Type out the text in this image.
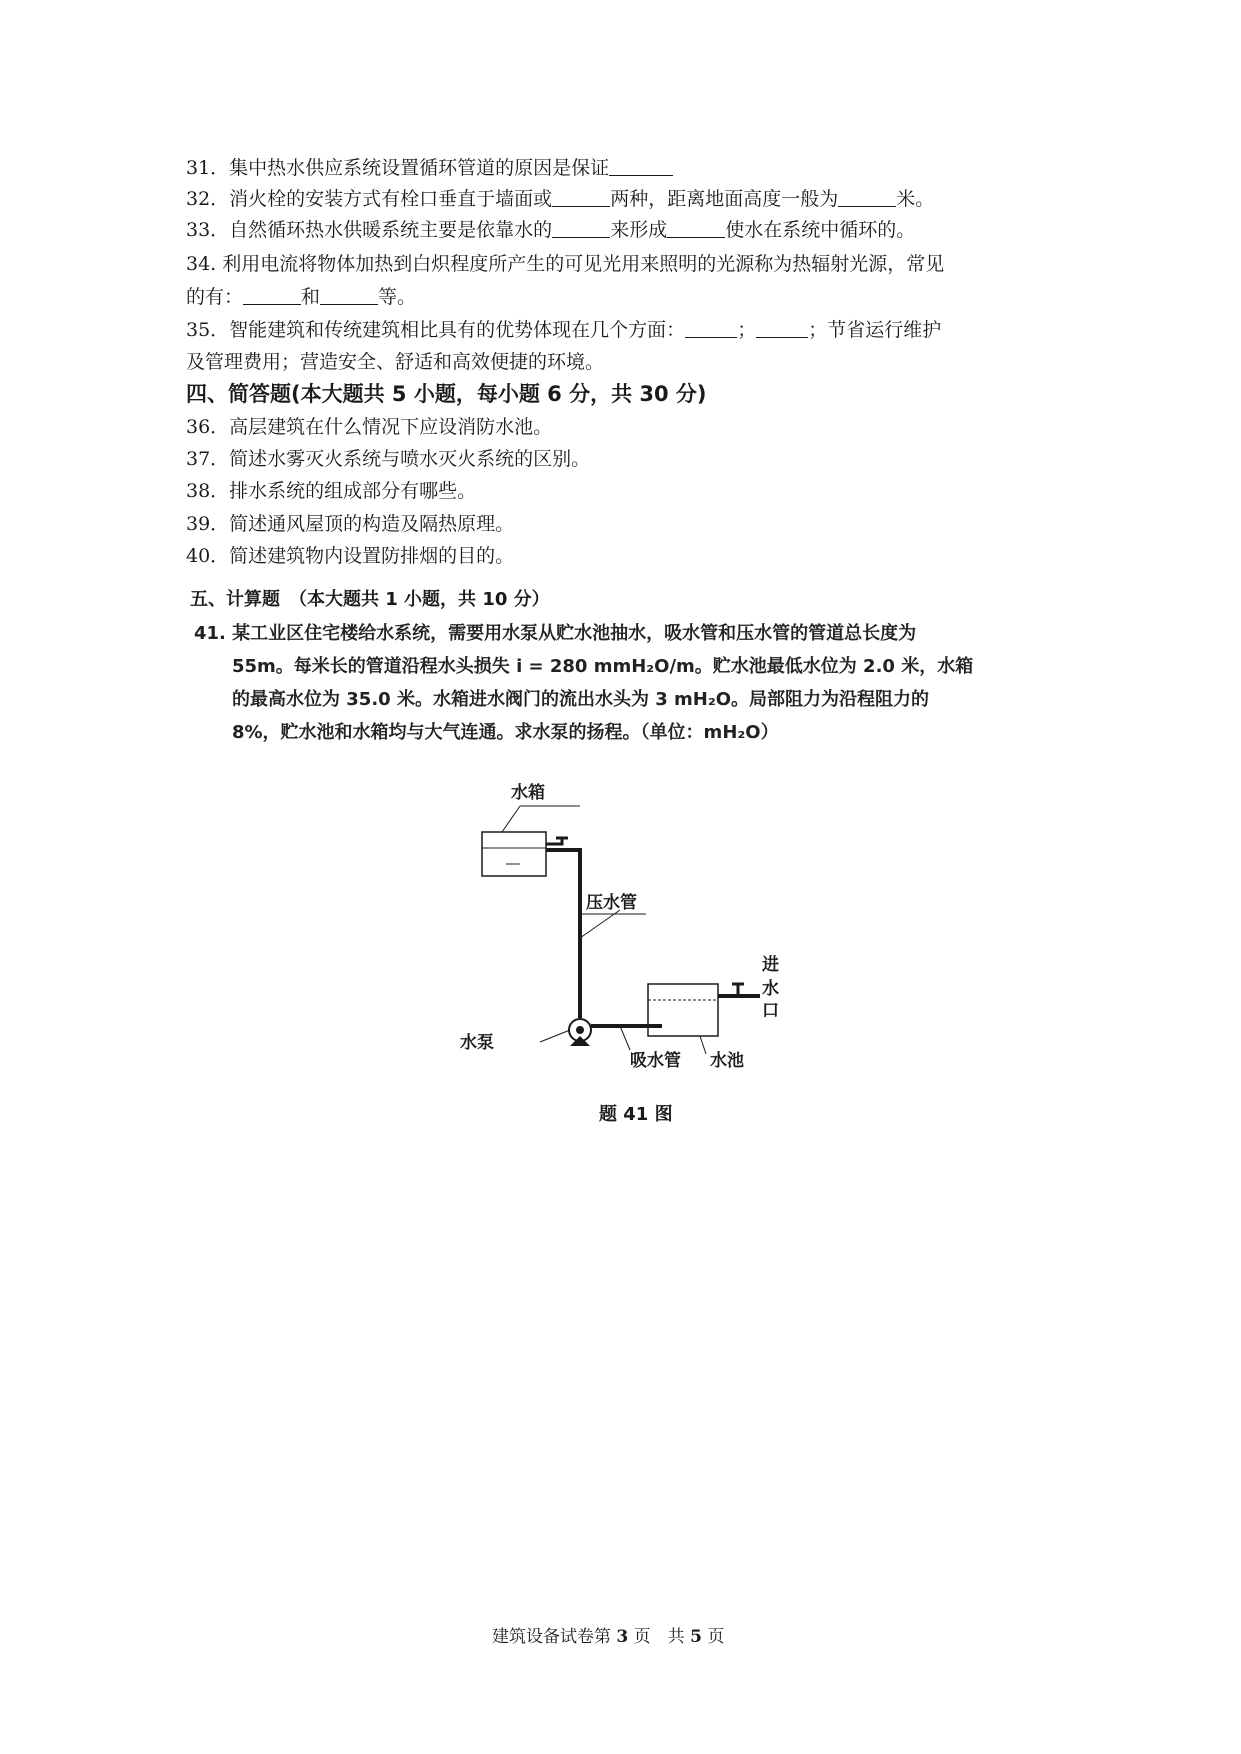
31．集中热水供应系统设置循环管道的原因是保证
32．消火栓的安装方式有栓口垂直于墙面或	两种，距离地面高度一般为	米。
33．自然循环热水供暖系统主要是依靠水的	来形成	使水在系统中循环的。
34. 利用电流将物体加热到白炽程度所产生的可见光用来照明的光源称为热辐射光源，常见
的有：	和	等。
35．智能建筑和传统建筑相比具有的优势体现在几个方面：	；	；节省运行维护
及管理费用；营造安全、舒适和高效便捷的环境。
四、简答题(本大题共 5 小题，每小题 6 分，共 30 分)
36．高层建筑在什么情况下应设消防水池。
37．简述水雾灭火系统与喷水灭火系统的区别。
38．排水系统的组成部分有哪些。
39．简述通风屋顶的构造及隔热原理。
40．简述建筑物内设置防排烟的目的。
五、计算题　（本大题共 1 小题，共 10 分）
41. 某工业区住宅楼给水系统，需要用水泵从贮水池抽水，吸水管和压水管的管道总长度为
55m。每米长的管道沿程水头损失 i = 280 mmH₂O/m。贮水池最低水位为 2.0 米，水箱
的最高水位为 35.0 米。水箱进水阀门的流出水头为 3 mH₂O。局部阻力为沿程阻力的
8%，贮水池和水箱均与大气连通。求水泵的扬程。（单位：mH₂O）
水箱
压水管
水泵
吸水管 水池
进
水
口
题 41 图
建筑设备试卷第 3 页　共 5 页
